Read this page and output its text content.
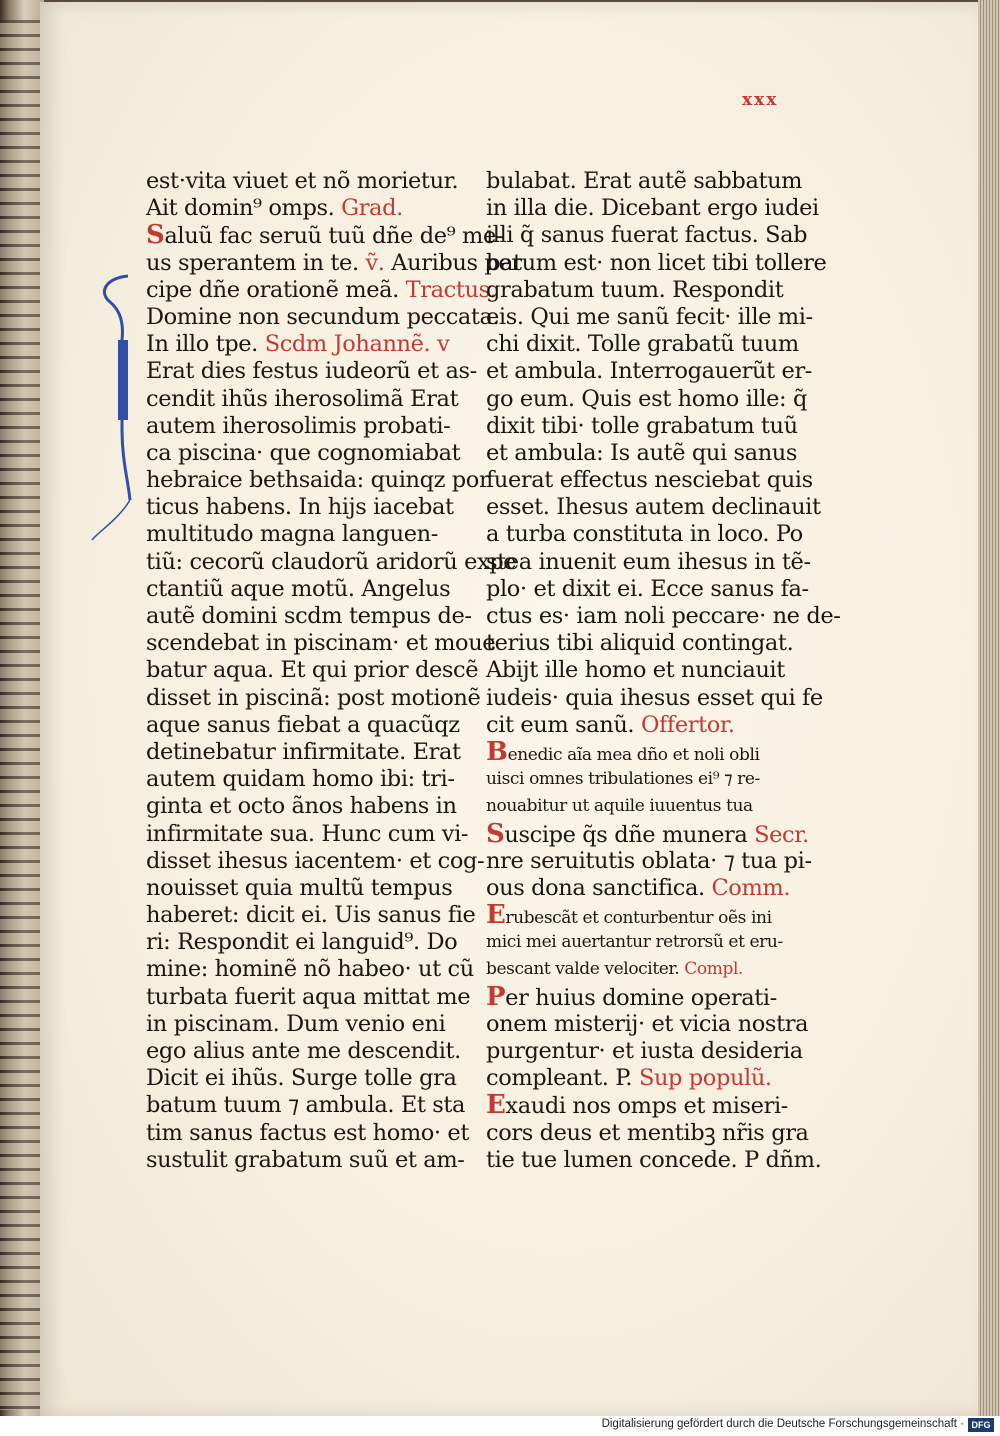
xxx
est·vita viuet et nõ morietur.
Ait domin⁹ omps. Grad.
Saluũ fac seruũ tuũ dñe de⁹ me-
us sperantem in te. ṽ. Auribus per
cipe dñe orationẽ meã. Tractus.
Domine non secundum peccata.
In illo tpe. Scdm Johannẽ. v
Erat dies festus iudeorũ et as-
cendit ihũs iherosolimã Erat
autem iherosolimis probati-
ca piscina· que cognomiabat
hebraice bethsaida: quinqz por
ticus habens. In hijs iacebat
multitudo magna languen-
tiũ: cecorũ claudorũ aridorũ expe
ctantiũ aque motũ. Angelus
autẽ domini scdm tempus de-
scendebat in piscinam· et moue
batur aqua. Et qui prior descẽ
disset in piscinã: post motionẽ
aque sanus fiebat a quacũqz
detinebatur infirmitate. Erat
autem quidam homo ibi: tri-
ginta et octo ãnos habens in
infirmitate sua. Hunc cum vi-
disset ihesus iacentem· et cog-
nouisset quia multũ tempus
haberet: dicit ei. Uis sanus fie
ri: Respondit ei languid⁹. Do
mine: hominẽ nõ habeo· ut cũ
turbata fuerit aqua mittat me
in piscinam. Dum venio eni
ego alius ante me descendit.
Dicit ei ihũs. Surge tolle gra
batum tuum ⁊ ambula. Et sta
tim sanus factus est homo· et
sustulit grabatum suũ et am-
bulabat. Erat autẽ sabbatum
in illa die. Dicebant ergo iudei
illi q̃ sanus fuerat factus. Sab
batum est· non licet tibi tollere
grabatum tuum. Respondit
eis. Qui me sanũ fecit· ille mi-
chi dixit. Tolle grabatũ tuum
et ambula. Interrogauerũt er-
go eum. Quis est homo ille: q̃
dixit tibi· tolle grabatum tuũ
et ambula: Is autẽ qui sanus
fuerat effectus nesciebat quis
esset. Ihesus autem declinauit
a turba constituta in loco. Po
stea inuenit eum ihesus in tẽ-
plo· et dixit ei. Ecce sanus fa-
ctus es· iam noli peccare· ne de-
terius tibi aliquid contingat.
Abijt ille homo et nunciauit
iudeis· quia ihesus esset qui fe
cit eum sanũ. Offertor.
Benedic aĩa mea dño et noli obli
uisci omnes tribulationes ei⁹ ⁊ re-
nouabitur ut aquile iuuentus tua
Suscipe q̃s dñe munera Secr.
nre seruitutis oblata· ⁊ tua pi-
ous dona sanctifica. Comm.
Erubescãt et conturbentur oẽs ini
mici mei auertantur retrorsũ et eru-
bescant valde velociter. Compl.
Per huius domine operati-
onem misterij· et vicia nostra
purgentur· et iusta desideria
compleant. P. Sup populũ.
Exaudi nos omps et miseri-
cors deus et mentibꝫ nr̃is gra
tie tue lumen concede. P dñm.
Digitalisierung gefördert durch die Deutsche Forschungsgemeinschaft · DFG
